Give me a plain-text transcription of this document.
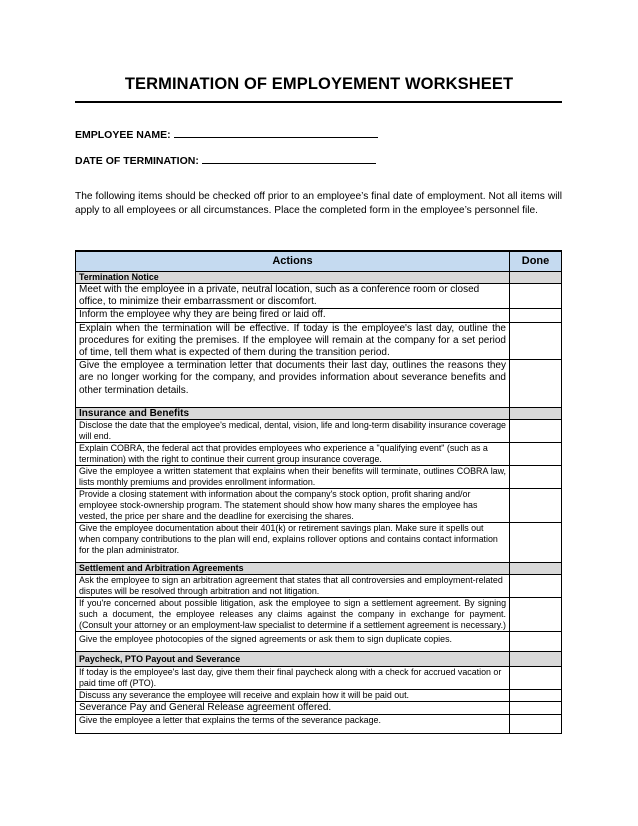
TERMINATION OF EMPLOYEMENT WORKSHEET
EMPLOYEE NAME:
DATE OF TERMINATION:
The following items should be checked off prior to an employee’s final date of employment. Not all items will apply to all employees or all circumstances. Place the completed form in the employee’s personnel file.
Actions	Done
Termination Notice	
Meet with the employee in a private, neutral location, such as a conference room or closed office, to minimize their embarrassment or discomfort.	
Inform the employee why they are being fired or laid off.	
Explain when the termination will be effective. If today is the employee's last day, outline the procedures for exiting the premises. If the employee will remain at the company for a set period of time, tell them what is expected of them during the transition period.	
Give the employee a termination letter that documents their last day, outlines the reasons they are no longer working for the company, and provides information about severance benefits and other termination details.	
Insurance and Benefits	
Disclose the date that the employee's medical, dental, vision, life and long-term disability insurance coverage will end.	
Explain COBRA, the federal act that provides employees who experience a "qualifying event" (such as a termination) with the right to continue their current group insurance coverage.	
Give the employee a written statement that explains when their benefits will terminate, outlines COBRA law, lists monthly premiums and provides enrollment information.	
Provide a closing statement with information about the company's stock option, profit sharing and/or employee stock-ownership program. The statement should show how many shares the employee has vested, the price per share and the deadline for exercising the shares.	
Give the employee documentation about their 401(k) or retirement savings plan. Make sure it spells out when company contributions to the plan will end, explains rollover options and contains contact information for the plan administrator.	
Settlement and Arbitration Agreements	
Ask the employee to sign an arbitration agreement that states that all controversies and employment-related disputes will be resolved through arbitration and not litigation.	
If you're concerned about possible litigation, ask the employee to sign a settlement agreement. By signing such a document, the employee releases any claims against the company in exchange for payment. (Consult your attorney or an employment-law specialist to determine if a settlement agreement is necessary.)	
Give the employee photocopies of the signed agreements or ask them to sign duplicate copies.	
Paycheck, PTO Payout and Severance	
If today is the employee's last day, give them their final paycheck along with a check for accrued vacation or paid time off (PTO).	
Discuss any severance the employee will receive and explain how it will be paid out.	
Severance Pay and General Release agreement offered.	
Give the employee a letter that explains the terms of the severance package.	
